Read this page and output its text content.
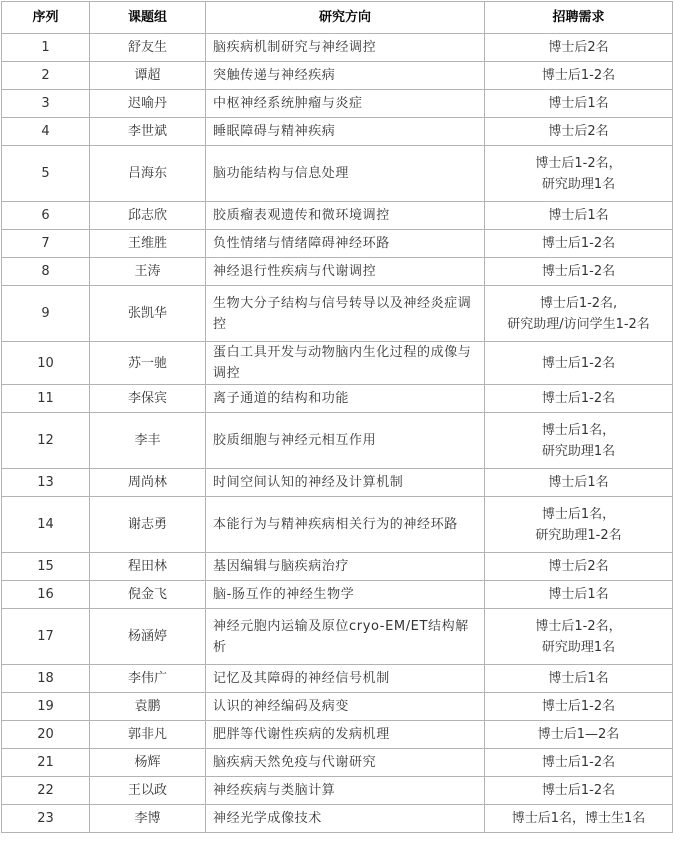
序列	课题组	研究方向	招聘需求
1	舒友生	脑疾病机制研究与神经调控	博士后2名

2	谭超	突触传递与神经疾病	博士后1-2名

3	迟喻丹	中枢神经系统肿瘤与炎症	博士后1名

4	李世斌	睡眠障碍与精神疾病	博士后2名

5	吕海东	脑功能结构与信息处理	博士后1-2名，
研究助理1名

6	邱志欣	胶质瘤表观遗传和微环境调控	博士后1名

7	王维胜	负性情绪与情绪障碍神经环路	博士后1-2名

8	王涛	神经退行性疾病与代谢调控	博士后1-2名

9	张凯华	生物大分子结构与信号转导以及神经炎症调控	博士后1-2名,
研究助理/访问学生1-2名

10	苏一驰	蛋白工具开发与动物脑内生化过程的成像与调控	博士后1-2名

11	李保宾	离子通道的结构和功能	博士后1-2名

12	李丰	胶质细胞与神经元相互作用	博士后1名，
研究助理1名

13	周尚林	时间空间认知的神经及计算机制	博士后1名

14	谢志勇	本能行为与精神疾病相关行为的神经环路	博士后1名，
研究助理1-2名

15	程田林	基因编辑与脑疾病治疗	博士后2名

16	倪金飞	脑-肠互作的神经生物学	博士后1名

17	杨涵婷	神经元胞内运输及原位cryo-EM/ET结构解析	博士后1-2名，
研究助理1名

18	李伟广	记忆及其障碍的神经信号机制	博士后1名

19	袁鹏	认识的神经编码及病变	博士后1-2名

20	郭非凡	肥胖等代谢性疾病的发病机理	博士后1—2名

21	杨辉	脑疾病天然免疫与代谢研究	博士后1-2名

22	王以政	神经疾病与类脑计算	博士后1-2名

23	李博	神经光学成像技术	博士后1名，博士生1名
